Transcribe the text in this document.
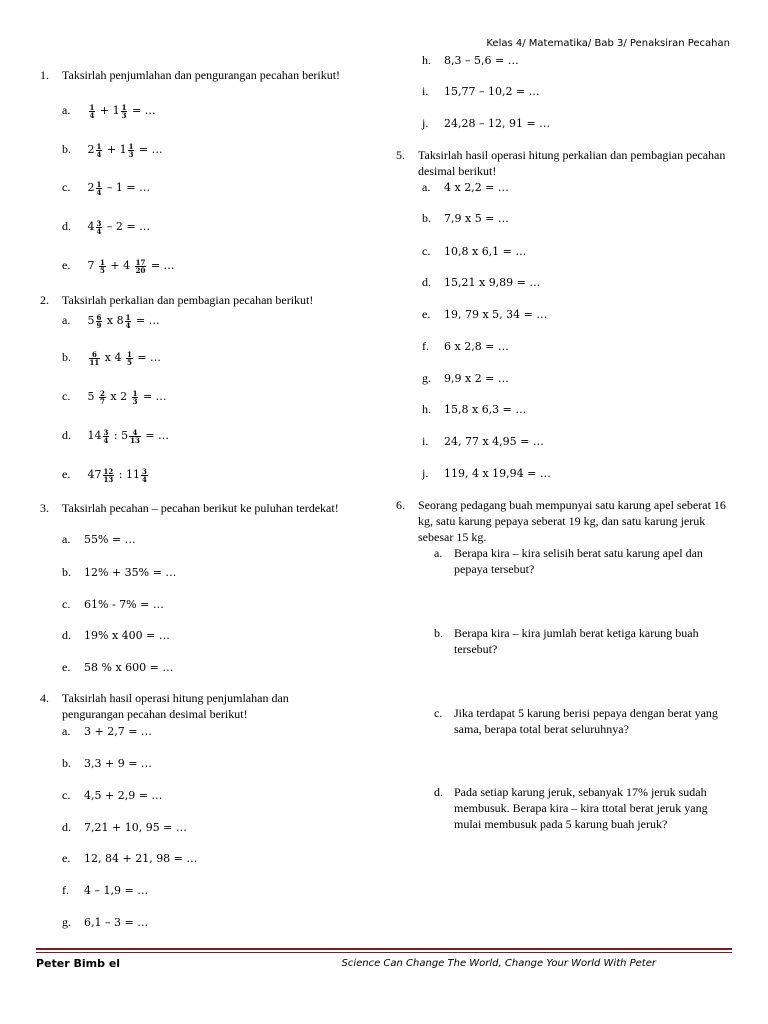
Kelas 4/ Matematika/ Bab 3/ Penaksiran Pecahan
1. Taksirlah penjumlahan dan pengurangan pecahan berikut!
a.	$\frac{1}{4} + 1 \frac{1}{3}$ = …
b. $2 \frac{1}{4} + 1 \frac{1}{3}$ = …
c. $2 \frac{1}{4} - 1$ = …
d. $4 \frac{3}{4} - 2$ = …
e. $7 \frac{1}{5} + 4 \frac{17}{20}$ = …
2. Taksirlah perkalian dan pembagian pecahan berikut!
a. $5 \frac{6}{9}$ x $8 \frac{1}{4}$ = …
b.	$\frac{6}{11}$ x $4 \frac{1}{5}$ = …
c. $5 \frac{2}{7}$ x $2 \frac{1}{3}$ = …
d. $14 \frac{3}{4}$ : $5 \frac{4}{13}$ = …
e. $47 \frac{12}{13}$ : $11 \frac{3}{4}$
3. Taksirlah pecahan – pecahan berikut ke puluhan terdekat!
a. 55% = …
b. 12% + 35% = …
c. 61% - 7% = …
d. 19% x 400 = …
e. 58 % x 600 = …
4. Taksirlah hasil operasi hitung penjumlahan dan pengurangan pecahan desimal berikut!
a. 3 + 2,7 = …
b. 3,3 + 9 = …
c. 4,5 + 2,9 = …
d. 7,21 + 10, 95 = …
e. 12, 84 + 21, 98 = …
f. 4 – 1,9 = …
g. 6,1 – 3 = …
h. 8,3 – 5,6 = …
i. 15,77 – 10,2 = …
j. 24,28 – 12, 91 = …
5. Taksirlah hasil operasi hitung perkalian dan pembagian pecahan desimal berikut!
a. 4 x 2,2 = …
b. 7,9 x 5 = …
c. 10,8 x 6,1 = …
d. 15,21 x 9,89 = …
e. 19, 79 x 5, 34 = …
f. 6 x 2,8 = …
g. 9,9 x 2 = …
h. 15,8 x 6,3 = …
i. 24, 77 x 4,95 = …
j. 119, 4 x 19,94 = …
6. Seorang pedagang buah mempunyai satu karung apel seberat 16 kg, satu karung pepaya seberat 19 kg, dan satu karung jeruk sebesar 15 kg.
a. Berapa kira – kira selisih berat satu karung apel dan pepaya tersebut?
b. Berapa kira – kira jumlah berat ketiga karung buah tersebut?
c. Jika terdapat 5 karung berisi pepaya dengan berat yang sama, berapa total berat seluruhnya?
d. Pada setiap karung jeruk, sebanyak 17% jeruk sudah membusuk. Berapa kira – kira ttotal berat jeruk yang mulai membusuk pada 5 karung buah jeruk?
Peter Bimb el	Science Can Change The World, Change Your World With Peter
